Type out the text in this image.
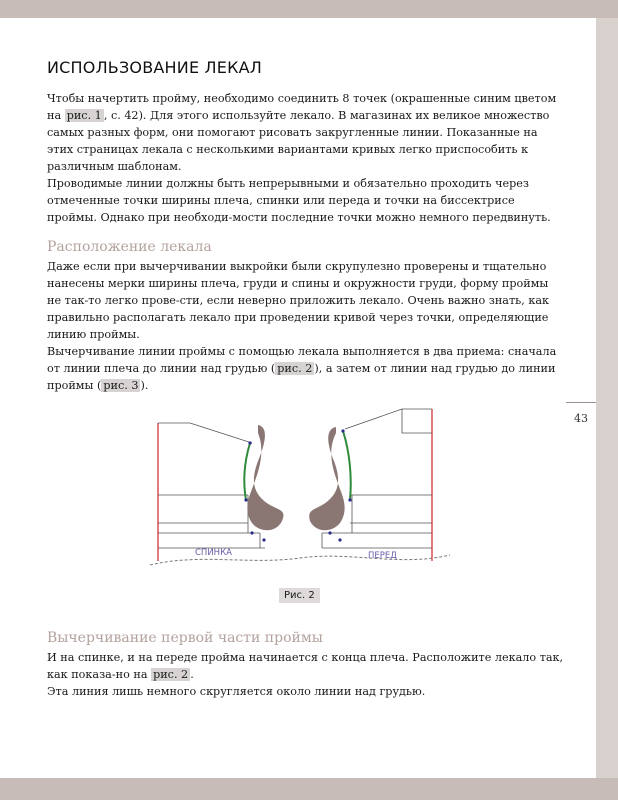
43
ИСПОЛЬЗОВАНИЕ ЛЕКАЛ

Чтобы начертить пройму, необходимо соединить 8 точек (окрашенные синим цветом на рис. 1 , с. 42). Для этого используйте лекало. В магазинах их великое множество самых разных форм, они помогают рисовать закругленные линии. Показанные на этих страницах лекала с несколькими вариантами кривых легко приспособить к различным шаблонам.

Проводимые линии должны быть непрерывными и обязательно проходить через отмеченные точки ширины плеча, спинки или переда и точки на биссектрисе проймы. Однако при необходи-мости последние точки можно немного передвинуть.

Расположение лекала

Даже если при вычерчивании выкройки были скрупулезно проверены и тщательно нанесены мерки ширины плеча, груди и спины и окружности груди, форму проймы не так-то легко прове-сти, если неверно приложить лекало. Очень важно знать, как правильно располагать лекало при проведении кривой через точки, определяющие линию проймы.

Вычерчивание линии проймы с помощью лекала выполняется в два приема: сначала от линии плеча до линии над грудью ( рис. 2 ), а затем от линии над грудью до линии проймы ( рис. 3 ).

СПИНКА	ПЕРЕД
Рис. 2
Вычерчивание первой части проймы

И на спинке, и на переде пройма начинается с конца плеча. Расположите лекало так, как показа-но на рис. 2 .

Эта линия лишь немного скругляется около линии над грудью.
